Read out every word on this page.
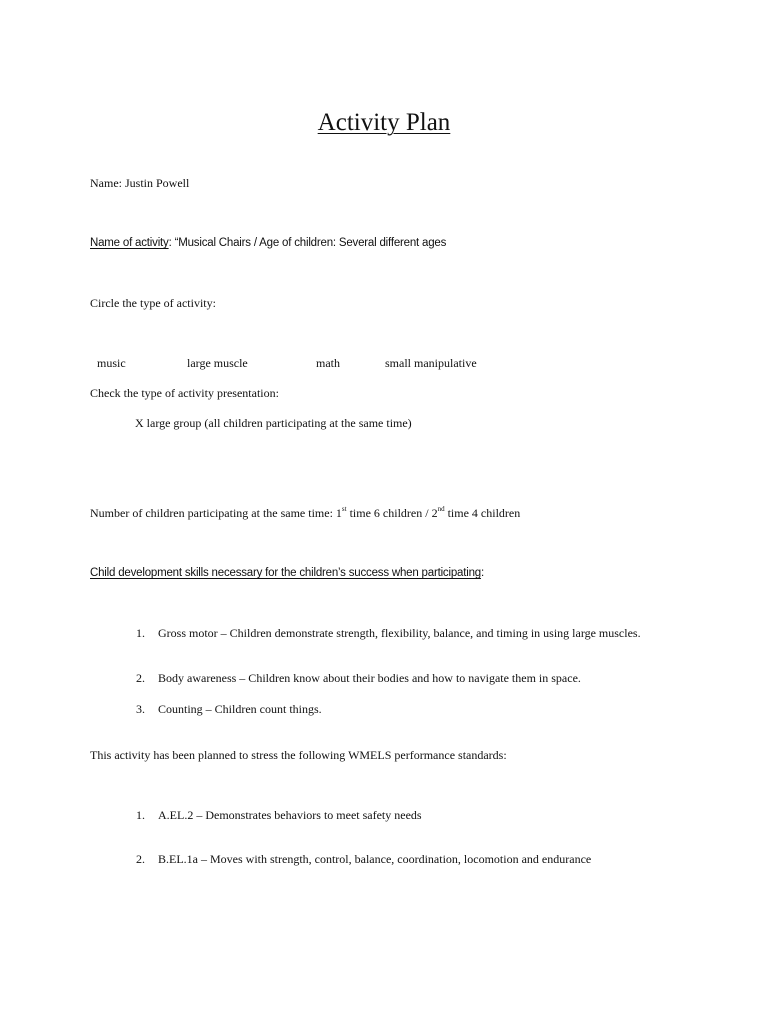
Activity Plan
Name: Justin Powell
Name of activity: “Musical Chairs / Age of children: Several different ages
Circle the type of activity:
music	large muscle	math	small manipulative
Check the type of activity presentation:
X large group (all children participating at the same time)
Number of children participating at the same time: 1st time 6 children / 2nd time 4 children
Child development skills necessary for the children’s success when participating:
1. Gross motor – Children demonstrate strength, flexibility, balance, and timing in using large muscles.
2. Body awareness – Children know about their bodies and how to navigate them in space.
3. Counting – Children count things.
This activity has been planned to stress the following WMELS performance standards:
1. A.EL.2 – Demonstrates behaviors to meet safety needs
2. B.EL.1a – Moves with strength, control, balance, coordination, locomotion and endurance
